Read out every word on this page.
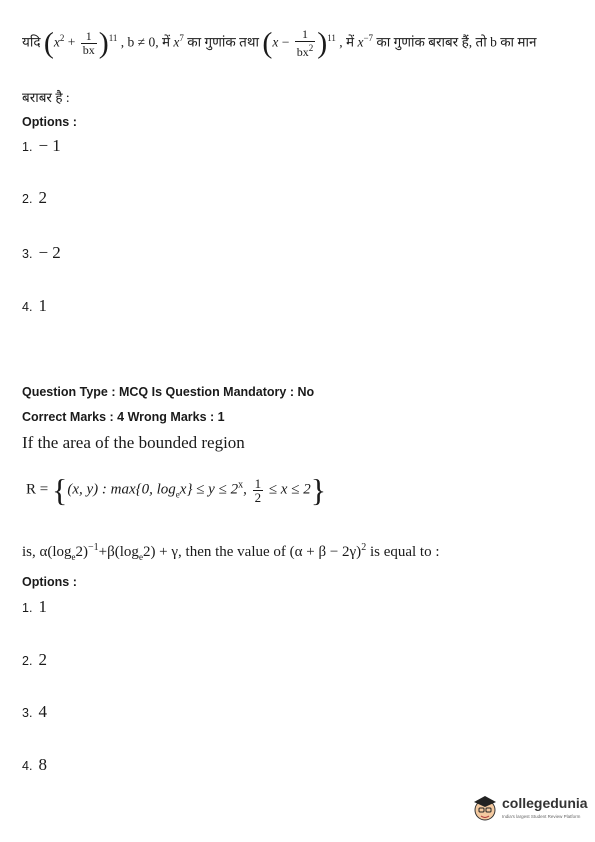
यदि $(x^2 + \frac{1}{bx} )^{11}$ , b ≠ 0, में $x^7$ का गुणांक तथा $(x - \frac{1}{bx^2} )^{11}$ , में $x^{-7}$ का गुणांक बराबर हैं, तो b का मान
बराबर है :
Options :
1. − 1
2. 2
3. − 2
4. 1
Question Type : MCQ Is Question Mandatory : No
Correct Marks : 4 Wrong Marks : 1
If the area of the bounded region
R = {(x, y) : max{0, $\log_ex\} \le y \le 2^x$, $\frac{1}{2} \le x \le 2$}
is, $\alpha(\log_e2)^{-1}+\beta(\log_e2) + \gamma$, then the value of $(\alpha + \beta - 2\gamma)^2$ is equal to :
Options :
1. 1
2. 2
3. 4
4. 8
collegedunia
India's largest Student Review Platform
